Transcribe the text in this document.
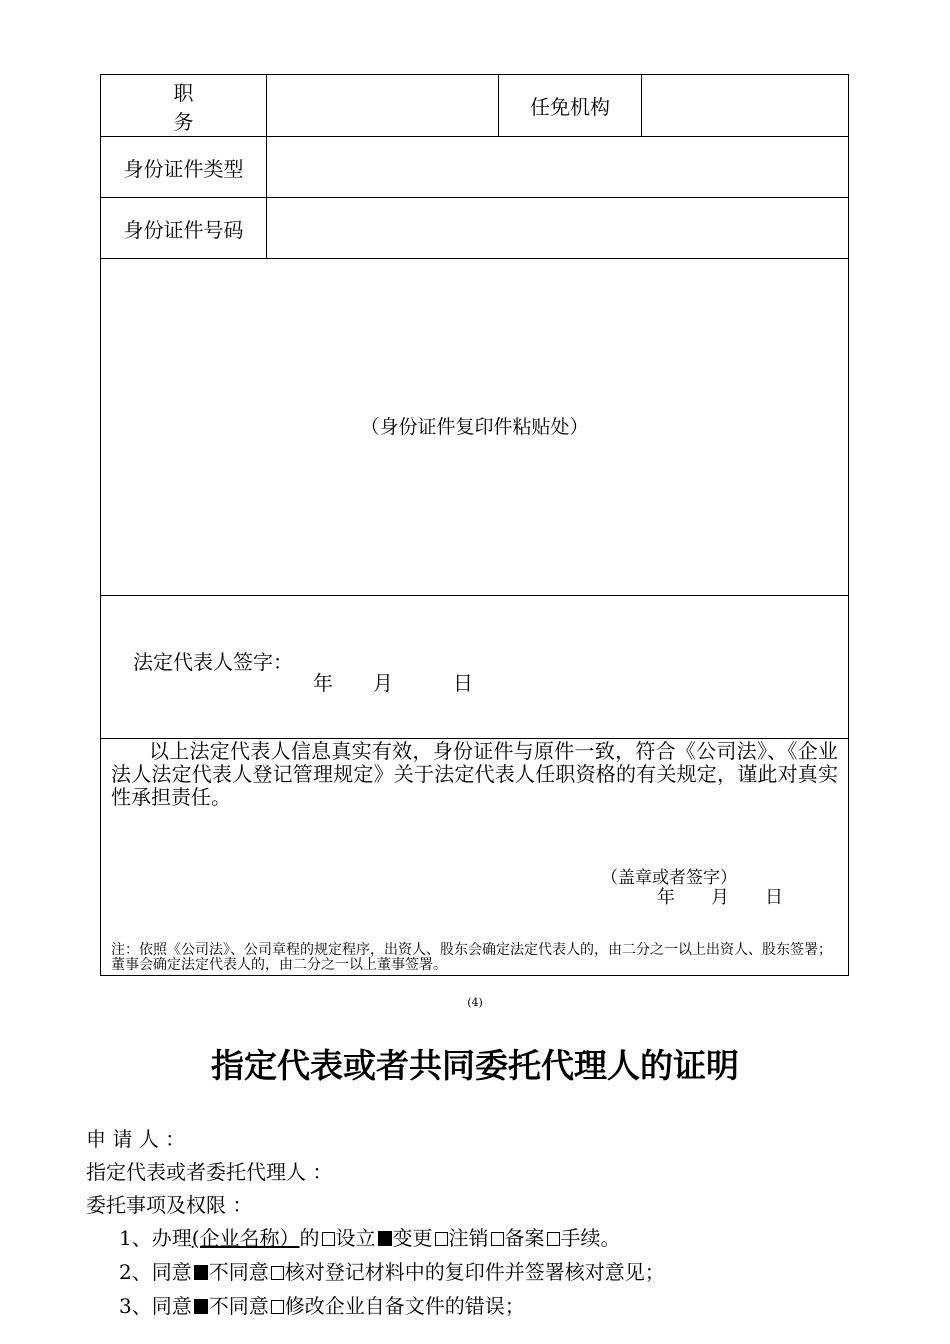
职务		任免机构	
身份证件类型			
身份证件号码			
（身份证件复印件粘贴处）			

法定代表人签字：
年　　月　　　日			

以上法定代表人信息真实有效，身份证件与原件一致，符合《公司法》、《企业法人法定代表人登记管理规定》关于法定代表人任职资格的有关规定，谨此对真实性承担责任。
（盖章或者签字）
年　　月　　日
注：依照《公司法》、公司章程的规定程序，出资人、股东会确定法定代表人的，由二分之一以上出资人、股东签署；董事会确定法定代表人的，由二分之一以上董事签署。			
(4)
指定代表或者共同委托代理人的证明
申 请 人 ：
指定代表或者委托代理人 ：
委托事项及权限 ：
1、办理(企业名称）的 设立 变更 注销 备案 手续。
2、同意 不同意 核对登记材料中的复印件并签署核对意见；
3、同意 不同意 修改企业自备文件的错误；
